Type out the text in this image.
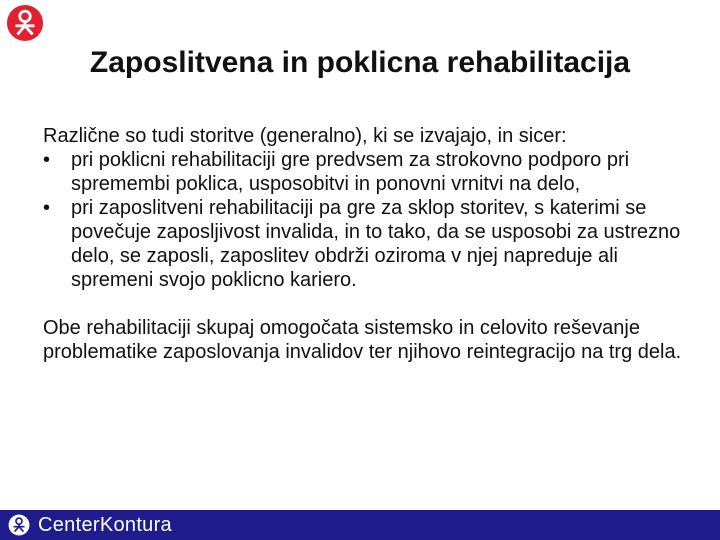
Zaposlitvena in poklicna rehabilitacija

Različne so tudi storitve (generalno), ki se izvajajo, in sicer:

•	pri poklicni rehabilitaciji gre predvsem za strokovno podporo pri spremembi poklica, usposobitvi in ponovni vrnitvi na delo,
•	pri zaposlitveni rehabilitaciji pa gre za sklop storitev, s katerimi se povečuje zaposljivost invalida, in to tako, da se usposobi za ustrezno delo, se zaposli, zaposlitev obdrži oziroma v njej napreduje ali spremeni svojo poklicno kariero.

Obe rehabilitaciji skupaj omogočata sistemsko in celovito reševanje problematike zaposlovanja invalidov ter njihovo reintegracijo na trg dela.

CenterKontura
